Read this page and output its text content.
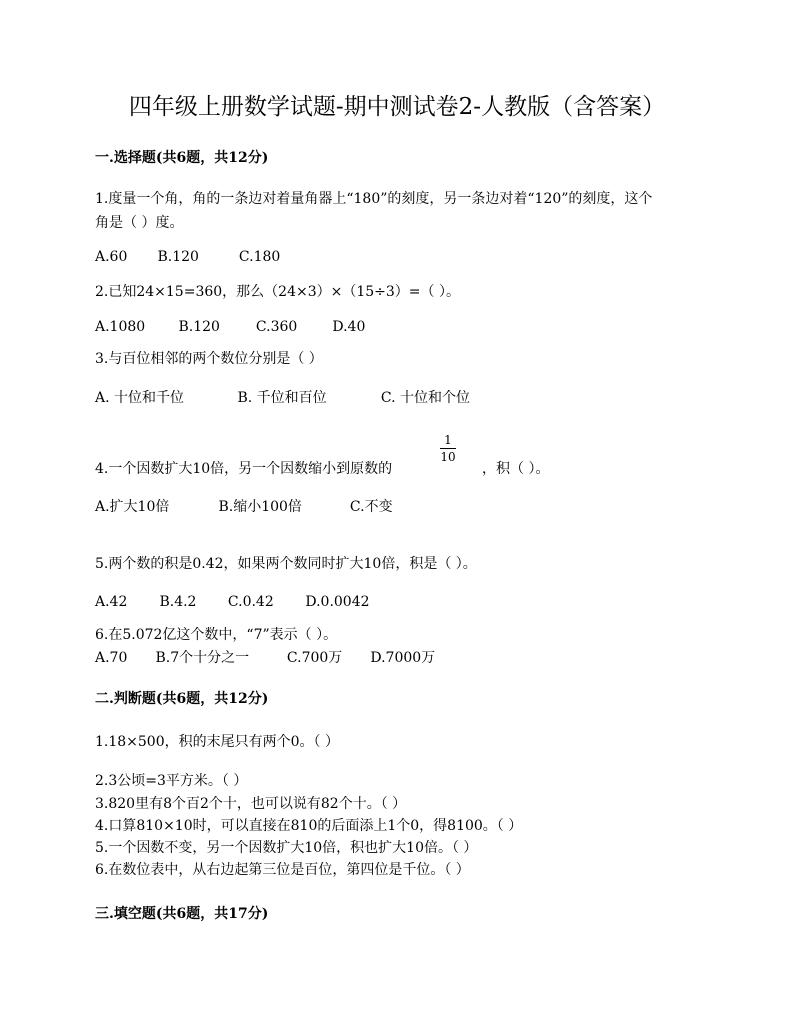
四年级上册数学试题-期中测试卷2-人教版（含答案）
一.选择题(共6题，共12分)
1.度量一个角，角的一条边对着量角器上“180”的刻度，另一条边对着“120”的刻度，这个
角是（ ）度。
A.60 B.120	C.180
2.已知24×15=360，那么（24×3）×（15÷3）=（ ）。
A.1080 B.120	C.360	D.40
3.与百位相邻的两个数位分别是（ ）
A. 十位和千位	B. 千位和百位	C. 十位和个位
4.一个因数扩大10倍，另一个因数缩小到原数的
1
10
，积（ ）。
A.扩大10倍	B.缩小100倍	C.不变
5.两个数的积是0.42，如果两个数同时扩大10倍，积是（ ）。
A.42 B.4.2 C.0.42 D.0.0042
6.在5.072亿这个数中，“7”表示（ ）。
A.70 B.7个十分之一	C.700万 D.7000万
二.判断题(共6题，共12分)
1.18×500，积的末尾只有两个0。（ ）
2.3公顷=3平方米。（ ）
3.820里有8个百2个十，也可以说有82个十。（ ）
4.口算810×10时，可以直接在810的后面添上1个0，得8100。（ ）
5.一个因数不变，另一个因数扩大10倍，积也扩大10倍。（ ）
6.在数位表中，从右边起第三位是百位，第四位是千位。（ ）
三.填空题(共6题，共17分)
